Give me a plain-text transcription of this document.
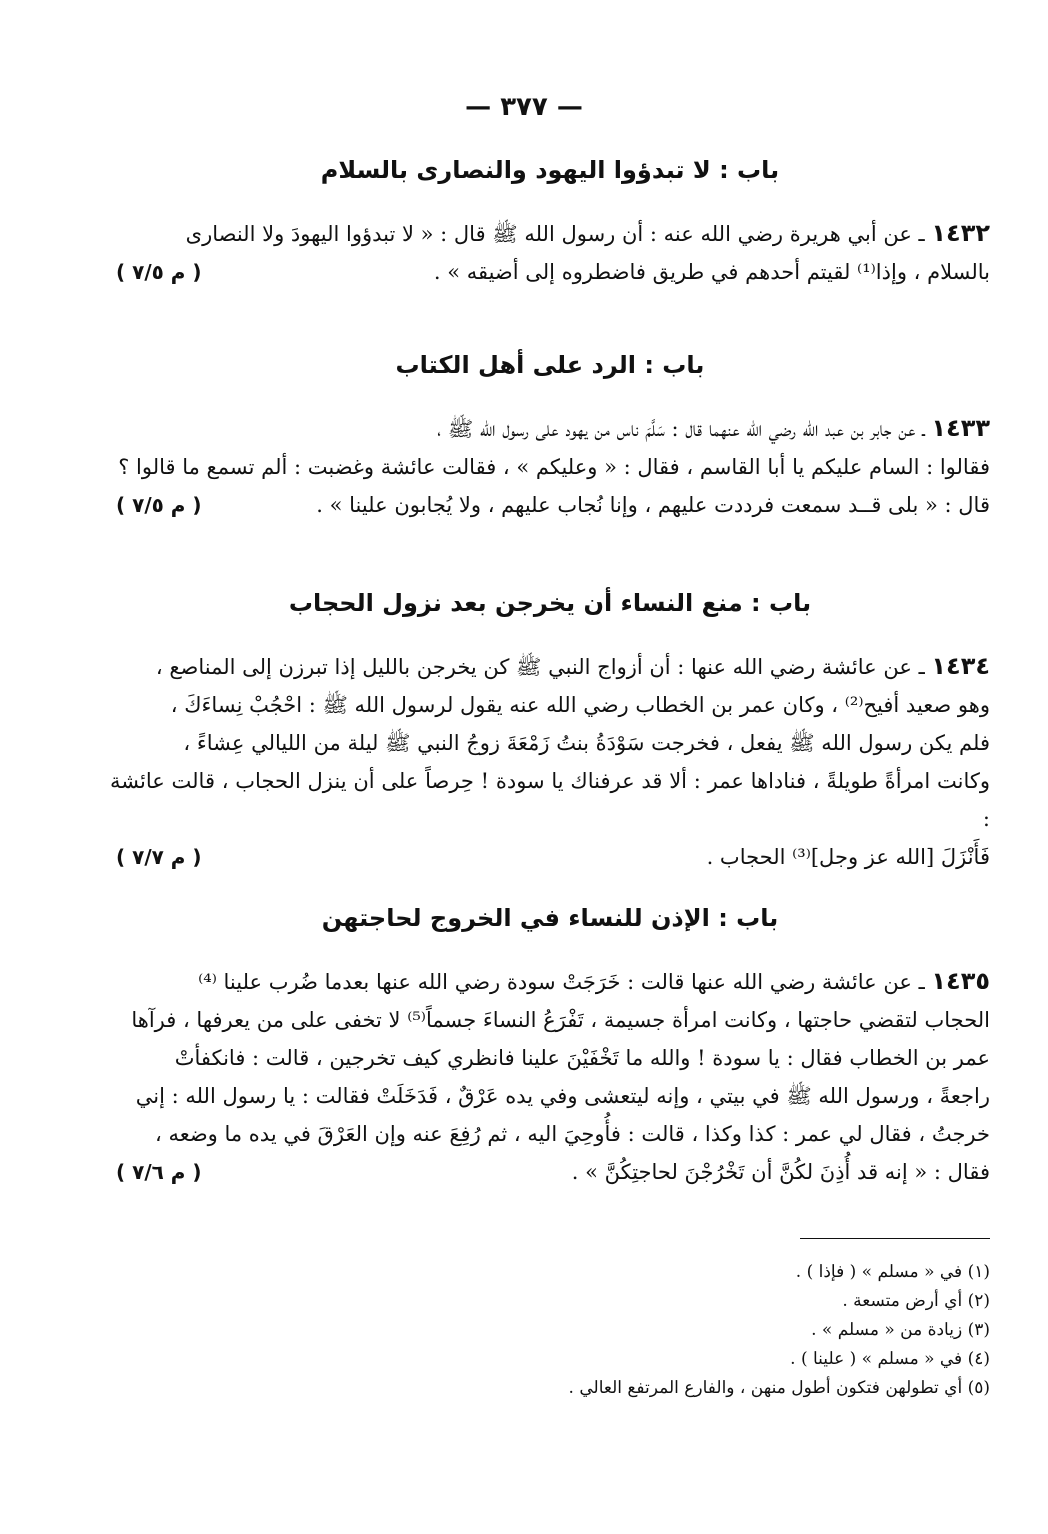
— ٣٧٧ —
باب : لا تبدؤوا اليهود والنصارى بالسلام
١٤٣٢ ـ عن أبي هريرة رضي الله عنه : أن رسول الله ﷺ قال : « لا تبدؤوا اليهودَ ولا النصارى
بالسلام ، وإذا⁽¹⁾ لقيتم أحدهم في طريق فاضطروه إلى أضيقه » .
( م ٧/٥ )
باب : الرد على أهل الكتاب
١٤٣٣ ـ عن جابر بن عبد الله رضي الله عنهما قال : سَلَّمَ ناس من يهود على رسول الله ﷺ ،
فقالوا : السام عليكم يا أبا القاسم ، فقال : « وعليكم » ، فقالت عائشة وغضبت : ألم تسمع ما قالوا ؟
قال : « بلى قــد سمعت فرددت عليهم ، وإنا نُجاب عليهم ، ولا يُجابون علينا » .
( م ٧/٥ )
باب : منع النساء أن يخرجن بعد نزول الحجاب
١٤٣٤ ـ عن عائشة رضي الله عنها : أن أزواج النبي ﷺ كن يخرجن بالليل إذا تبرزن إلى المناصع ،
وهو صعيد أفيح⁽²⁾ ، وكان عمر بن الخطاب رضي الله عنه يقول لرسول الله ﷺ : احْجُبْ نِساءَكَ ،
فلم يكن رسول الله ﷺ يفعل ، فخرجت سَوْدَةُ بنتُ زَمْعَةَ زوجُ النبي ﷺ ليلة من الليالي عِشاءً ،
وكانت امرأةً طويلةً ، فناداها عمر : ألا قد عرفناك يا سودة ! حِرصاً على أن ينزل الحجاب ، قالت عائشة :
فَأَنْزَلَ [الله عز وجل]⁽³⁾ الحجاب .
( م ٧/٧ )
باب : الإذن للنساء في الخروج لحاجتهن
١٤٣٥ ـ عن عائشة رضي الله عنها قالت : خَرَجَتْ سودة رضي الله عنها بعدما ضُرب علينا ⁽⁴⁾
الحجاب لتقضي حاجتها ، وكانت امرأة جسيمة ، تَفْرَعُ النساءَ جسماً⁽⁵⁾ لا تخفى على من يعرفها ، فرآها
عمر بن الخطاب فقال : يا سودة ! والله ما تَخْفَيْنَ علينا فانظري كيف تخرجين ، قالت : فانكفأتْ
راجعةً ، ورسول الله ﷺ في بيتي ، وإنه ليتعشى وفي يده عَرْقٌ ، فَدَخَلَتْ فقالت : يا رسول الله : إني
خرجتُ ، فقال لي عمر : كذا وكذا ، قالت : فأُوحِيَ اليه ، ثم رُفِعَ عنه وإن العَرْقَ في يده ما وضعه ،
فقال : « إنه قد أُذِنَ لكُنَّ أن تَخْرُجْنَ لحاجتِكُنَّ » .
( م ٧/٦ )
(١) في « مسلم » ( فإذا ) .
(٢) أي أرض متسعة .
(٣) زيادة من « مسلم » .
(٤) في « مسلم » ( علينا ) .
(٥) أي تطولهن فتكون أطول منهن ، والفارع المرتفع العالي .
